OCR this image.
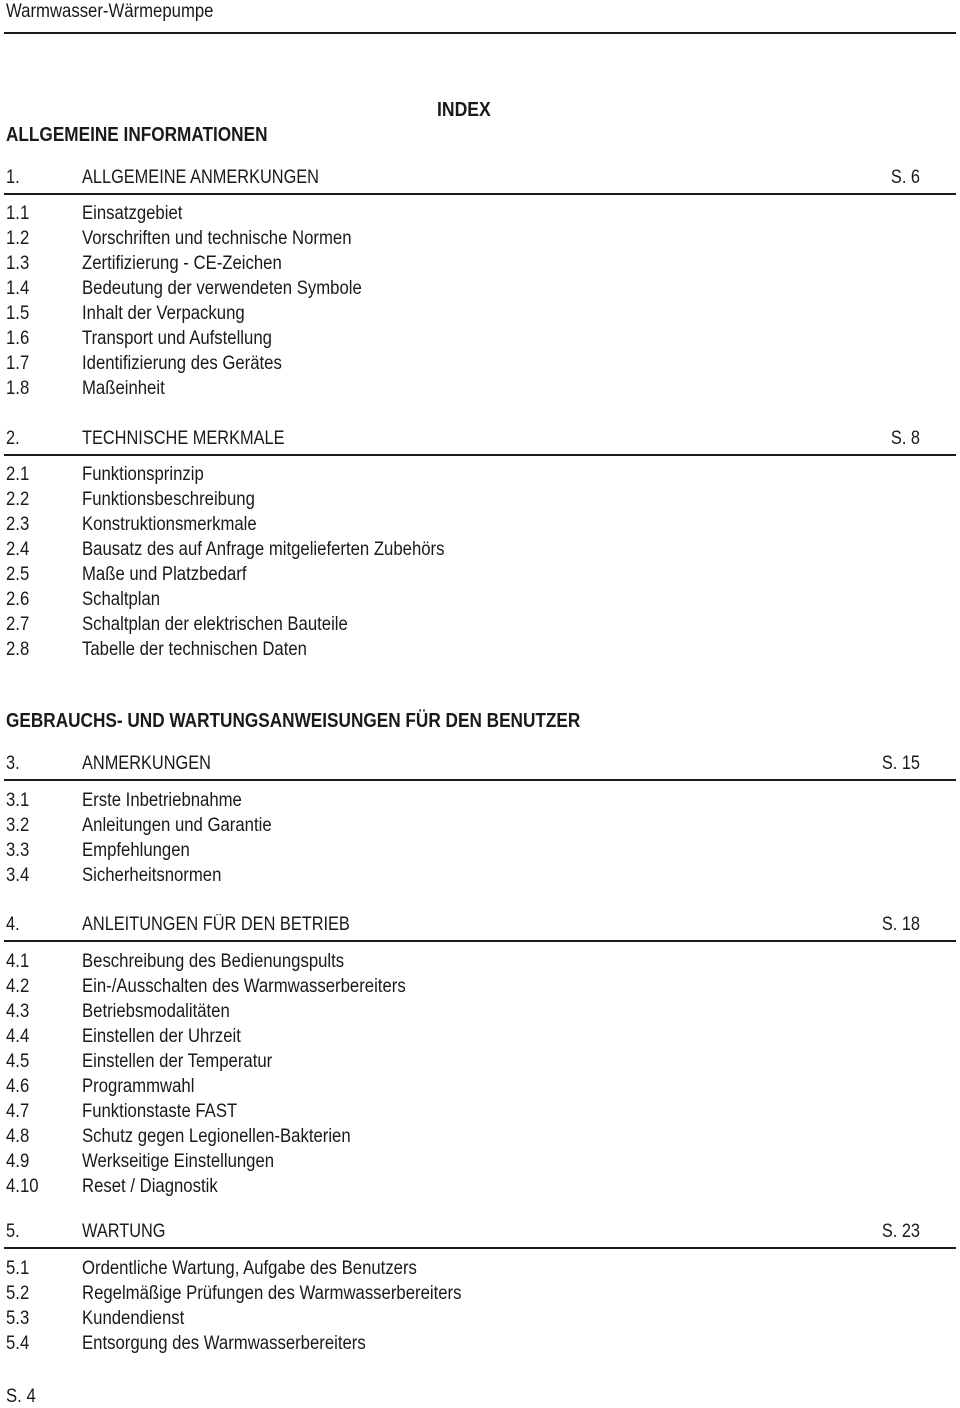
Warmwasser-Wärmepumpe
INDEX
ALLGEMEINE INFORMATIONEN
1.	ALLGEMEINE ANMERKUNGEN	S. 6
1.1	Einsatzgebiet
1.2	Vorschriften und technische Normen
1.3	Zertifizierung - CE-Zeichen
1.4	Bedeutung der verwendeten Symbole
1.5	Inhalt der Verpackung
1.6	Transport und Aufstellung
1.7	Identifizierung des Gerätes
1.8	Maßeinheit
2.	TECHNISCHE MERKMALE	S. 8
2.1	Funktionsprinzip
2.2	Funktionsbeschreibung
2.3	Konstruktionsmerkmale
2.4	Bausatz des auf Anfrage mitgelieferten Zubehörs
2.5	Maße und Platzbedarf
2.6	Schaltplan
2.7	Schaltplan der elektrischen Bauteile
2.8	Tabelle der technischen Daten
GEBRAUCHS- UND WARTUNGSANWEISUNGEN FÜR DEN BENUTZER
3.	ANMERKUNGEN	S. 15
3.1	Erste Inbetriebnahme
3.2	Anleitungen und Garantie
3.3	Empfehlungen
3.4	Sicherheitsnormen
4.	ANLEITUNGEN FÜR DEN BETRIEB	S. 18
4.1	Beschreibung des Bedienungspults
4.2	Ein-/Ausschalten des Warmwasserbereiters
4.3	Betriebsmodalitäten
4.4	Einstellen der Uhrzeit
4.5	Einstellen der Temperatur
4.6	Programmwahl
4.7	Funktionstaste FAST
4.8	Schutz gegen Legionellen-Bakterien
4.9	Werkseitige Einstellungen
4.10 Reset / Diagnostik
5.	WARTUNG	S. 23
5.1	Ordentliche Wartung, Aufgabe des Benutzers
5.2	Regelmäßige Prüfungen des Warmwasserbereiters
5.3	Kundendienst
5.4	Entsorgung des Warmwasserbereiters
S. 4
